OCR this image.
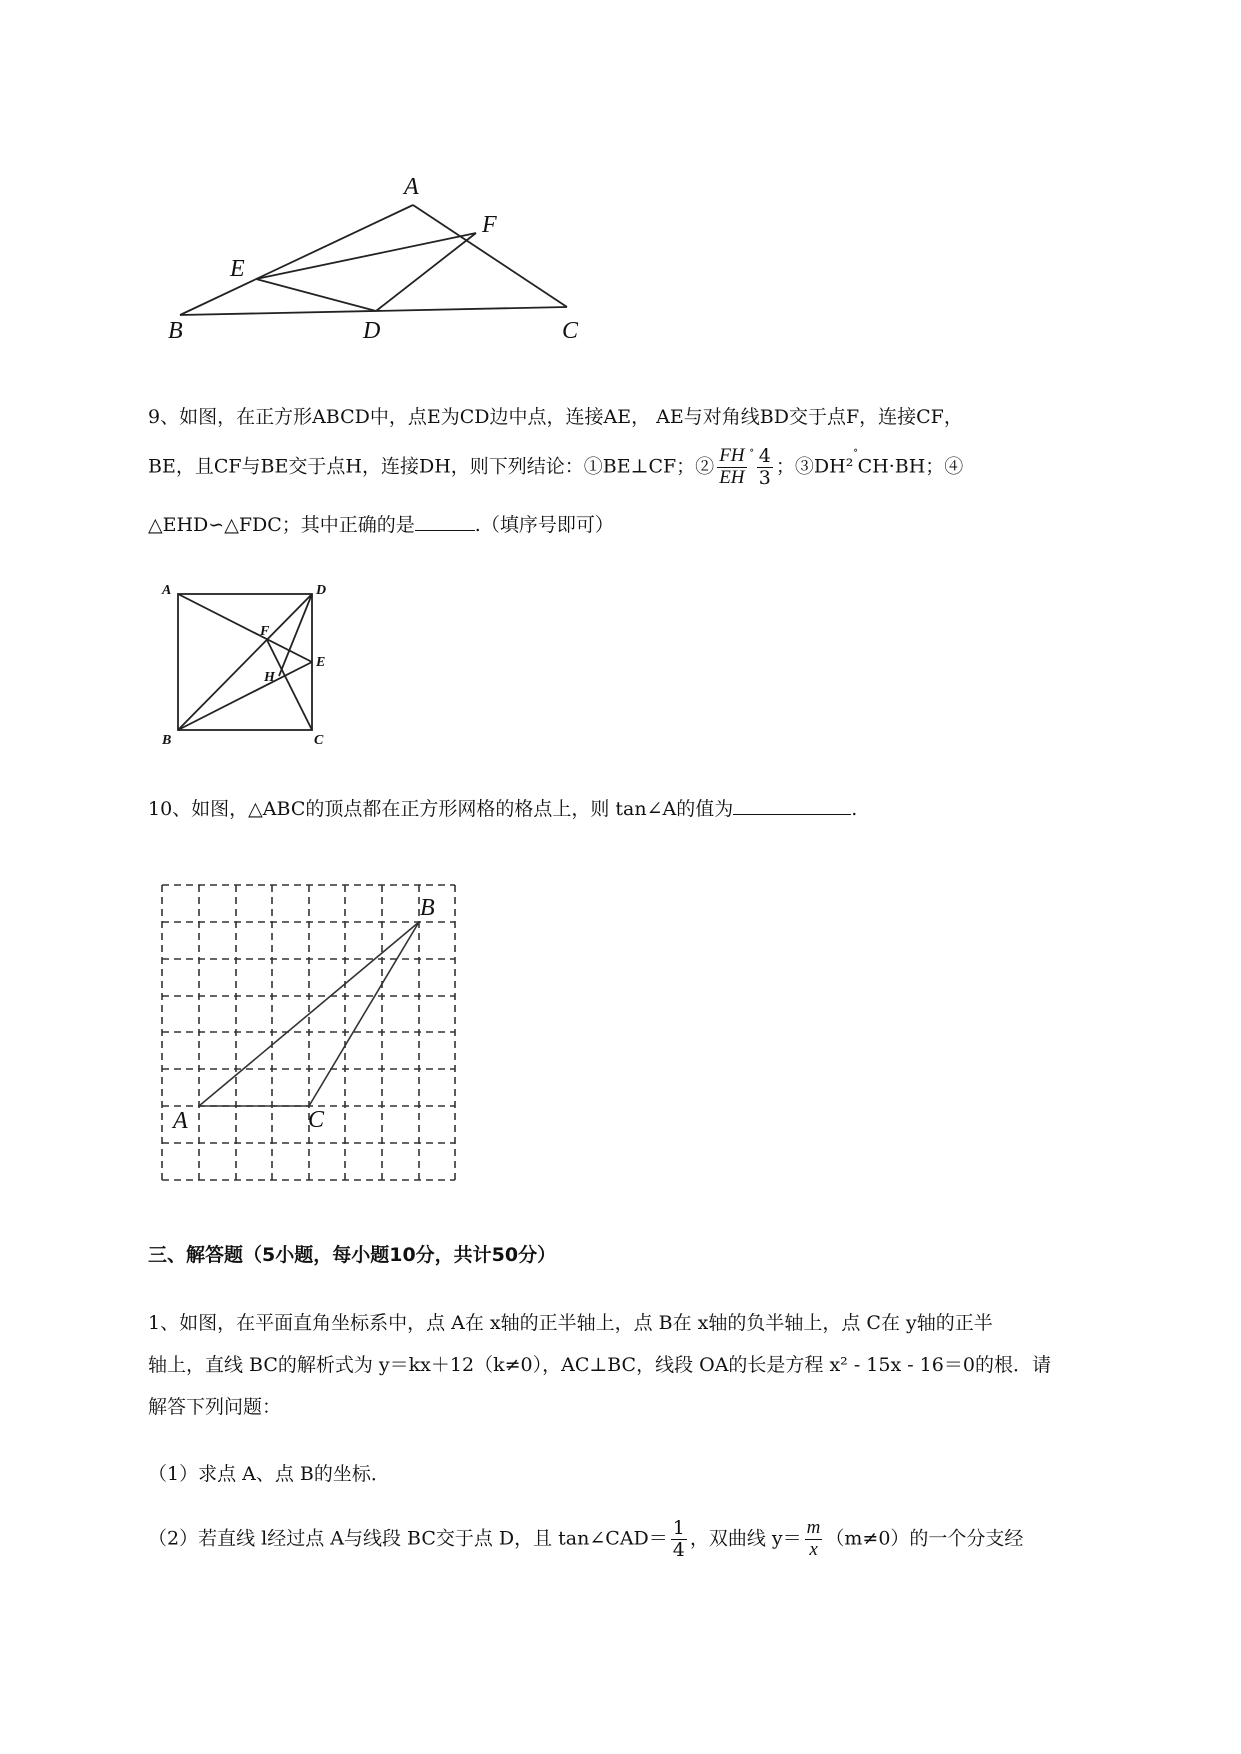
A
F
E
B	D	C
9、如图，在正方形ABCD中，点E为CD边中点，连接AE， AE与对角线BD交于点F，连接CF，
BE，且CF与BE交于点H，连接DH，则下列结论：①BE⊥CF；② $\frac{FH}{EH} ^ᐤ \frac{4}{3}$ ；③DH²$^ᐤ$CH·BH；④
△EHD∽△FDC；其中正确的是	.（填序号即可）
A	D
F
E
H
B	C
10、如图，△ABC的顶点都在正方形网格的格点上，则 tan∠A的值为	.
B
A	C
三、解答题（5小题，每小题10分，共计50分）
1、如图，在平面直角坐标系中，点 A在 x轴的正半轴上，点 B在 x轴的负半轴上，点 C在 y轴的正半
轴上，直线 BC的解析式为 y＝kx＋12（k≠0），AC⊥BC，线段 OA的长是方程 x² - 15x - 16＝0的根．请
解答下列问题：
（1）求点 A、点 B的坐标．
（2）若直线 l经过点 A与线段 BC交于点 D，且 tan∠CAD＝ $\frac{1}{4}$ ，双曲线 $y= \frac{m}{x} (m\ne 0)$的一个分支经
